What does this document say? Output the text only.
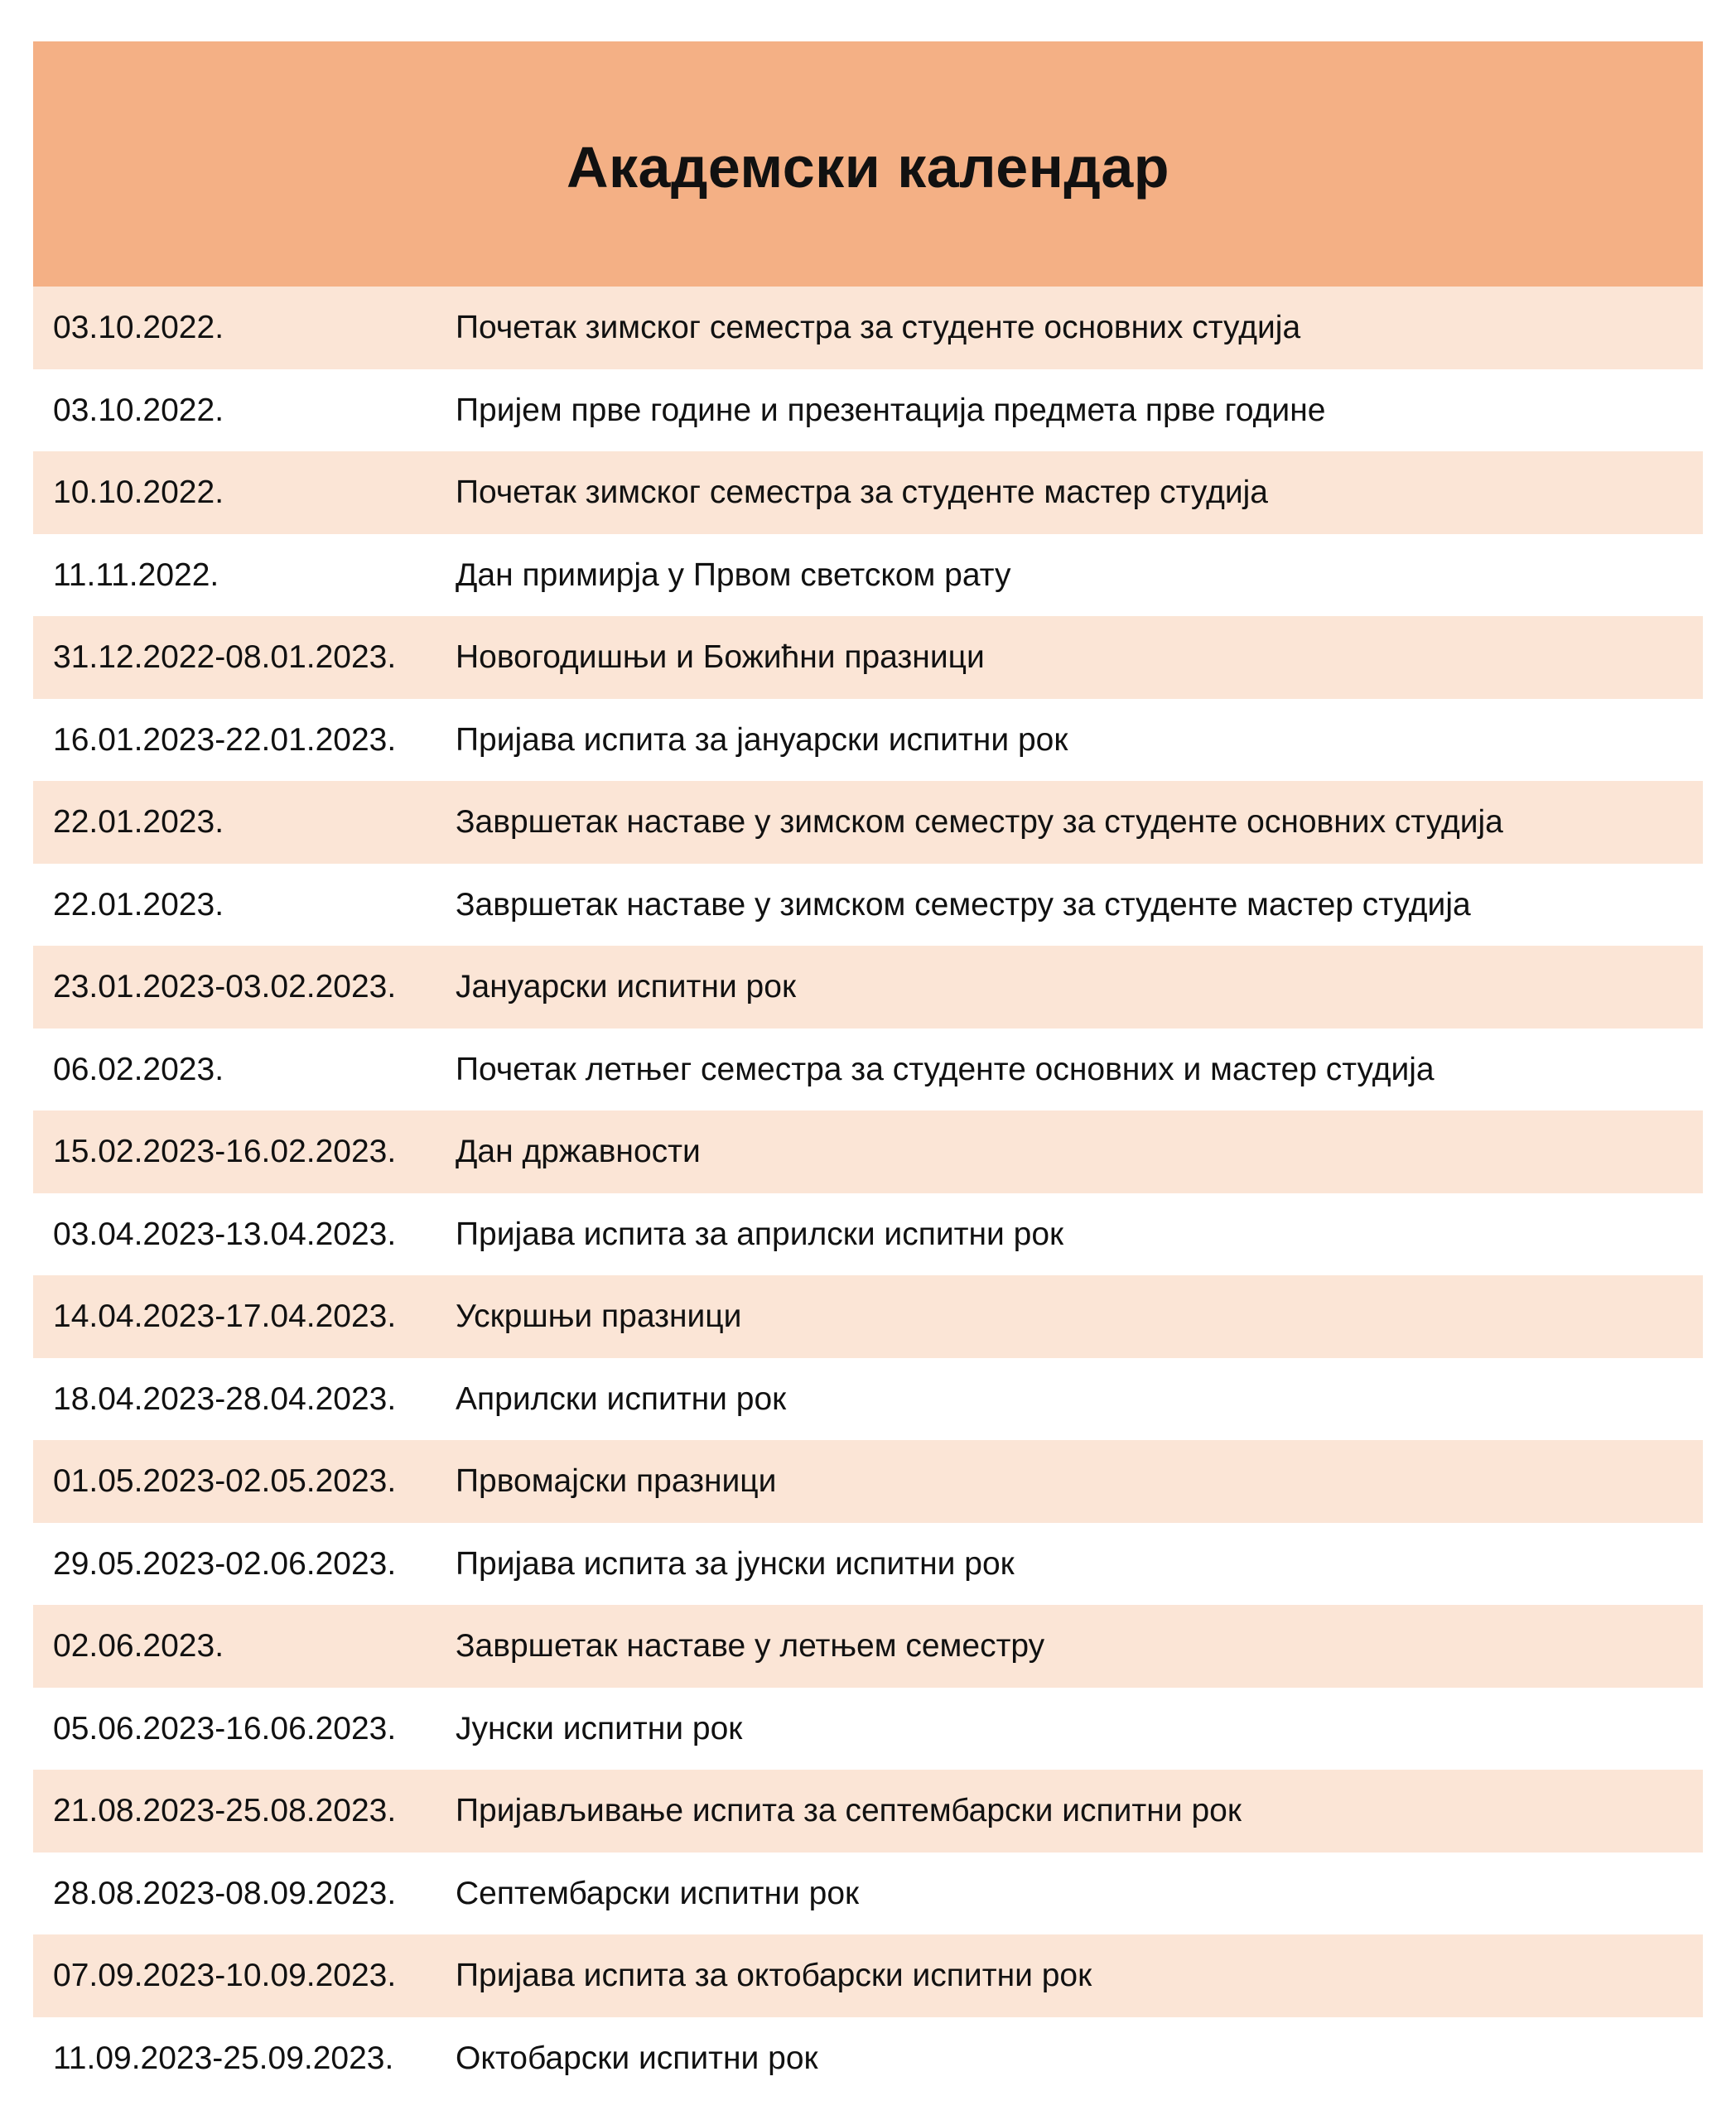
Академски календар
03.10.2022.	Почетак зимског семестра за студенте основних студија
03.10.2022.	Пријем прве године и презентација предмета прве године
10.10.2022.	Почетак зимског семестра за студенте мастер студија
11.11.2022.	Дан примирја у Првом светском рату
31.12.2022-08.01.2023.	Новогодишњи и Божићни празници
16.01.2023-22.01.2023.	Пријава испита за јануарски испитни рок
22.01.2023.	Завршетак наставе у зимском семестру за студенте основних студија
22.01.2023.	Завршетак наставе у зимском семестру за студенте мастер студија
23.01.2023-03.02.2023.	Јануарски испитни рок
06.02.2023.	Почетак летњег семестра за студенте основних и мастер студија
15.02.2023-16.02.2023.	Дан државности
03.04.2023-13.04.2023.	Пријава испита за априлски испитни рок
14.04.2023-17.04.2023.	Ускршњи празници
18.04.2023-28.04.2023.	Априлски испитни рок
01.05.2023-02.05.2023.	Првомајски празници
29.05.2023-02.06.2023.	Пријава испита за јунски испитни рок
02.06.2023.	Завршетак наставе у летњем семестру
05.06.2023-16.06.2023.	Јунски испитни рок
21.08.2023-25.08.2023.	Пријављивање испита за септембарски испитни рок
28.08.2023-08.09.2023.	Септембарски испитни рок
07.09.2023-10.09.2023.	Пријава испита за октобарски испитни рок
11.09.2023-25.09.2023.	Октобарски испитни рок
